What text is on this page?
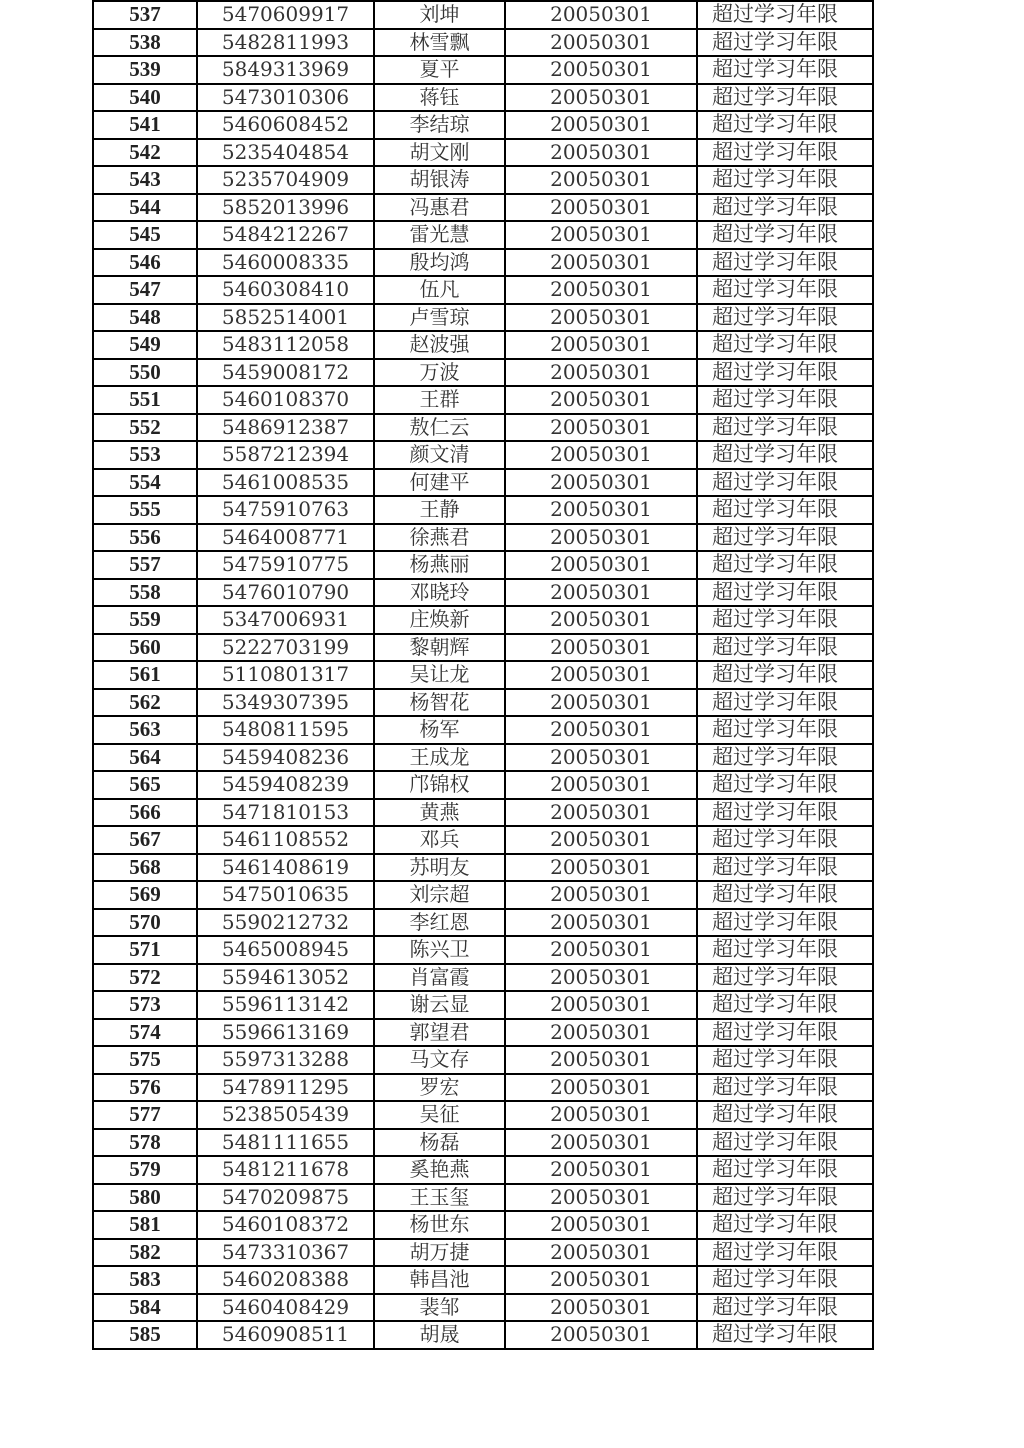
537	5470609917	刘坤	20050301	超过学习年限
538	5482811993	林雪飘	20050301	超过学习年限
539	5849313969	夏平	20050301	超过学习年限
540	5473010306	蒋钰	20050301	超过学习年限
541	5460608452	李结琼	20050301	超过学习年限
542	5235404854	胡文刚	20050301	超过学习年限
543	5235704909	胡银涛	20050301	超过学习年限
544	5852013996	冯惠君	20050301	超过学习年限
545	5484212267	雷光慧	20050301	超过学习年限
546	5460008335	殷均鸿	20050301	超过学习年限
547	5460308410	伍凡	20050301	超过学习年限
548	5852514001	卢雪琼	20050301	超过学习年限
549	5483112058	赵波强	20050301	超过学习年限
550	5459008172	万波	20050301	超过学习年限
551	5460108370	王群	20050301	超过学习年限
552	5486912387	敖仁云	20050301	超过学习年限
553	5587212394	颜文清	20050301	超过学习年限
554	5461008535	何建平	20050301	超过学习年限
555	5475910763	王静	20050301	超过学习年限
556	5464008771	徐燕君	20050301	超过学习年限
557	5475910775	杨燕丽	20050301	超过学习年限
558	5476010790	邓晓玲	20050301	超过学习年限
559	5347006931	庄焕新	20050301	超过学习年限
560	5222703199	黎朝辉	20050301	超过学习年限
561	5110801317	吴让龙	20050301	超过学习年限
562	5349307395	杨智花	20050301	超过学习年限
563	5480811595	杨军	20050301	超过学习年限
564	5459408236	王成龙	20050301	超过学习年限
565	5459408239	邝锦权	20050301	超过学习年限
566	5471810153	黄燕	20050301	超过学习年限
567	5461108552	邓兵	20050301	超过学习年限
568	5461408619	苏明友	20050301	超过学习年限
569	5475010635	刘宗超	20050301	超过学习年限
570	5590212732	李红恩	20050301	超过学习年限
571	5465008945	陈兴卫	20050301	超过学习年限
572	5594613052	肖富霞	20050301	超过学习年限
573	5596113142	谢云显	20050301	超过学习年限
574	5596613169	郭望君	20050301	超过学习年限
575	5597313288	马文存	20050301	超过学习年限
576	5478911295	罗宏	20050301	超过学习年限
577	5238505439	吴征	20050301	超过学习年限
578	5481111655	杨磊	20050301	超过学习年限
579	5481211678	奚艳燕	20050301	超过学习年限
580	5470209875	王玉玺	20050301	超过学习年限
581	5460108372	杨世东	20050301	超过学习年限
582	5473310367	胡万捷	20050301	超过学习年限
583	5460208388	韩昌池	20050301	超过学习年限
584	5460408429	裴邹	20050301	超过学习年限
585	5460908511	胡晟	20050301	超过学习年限
